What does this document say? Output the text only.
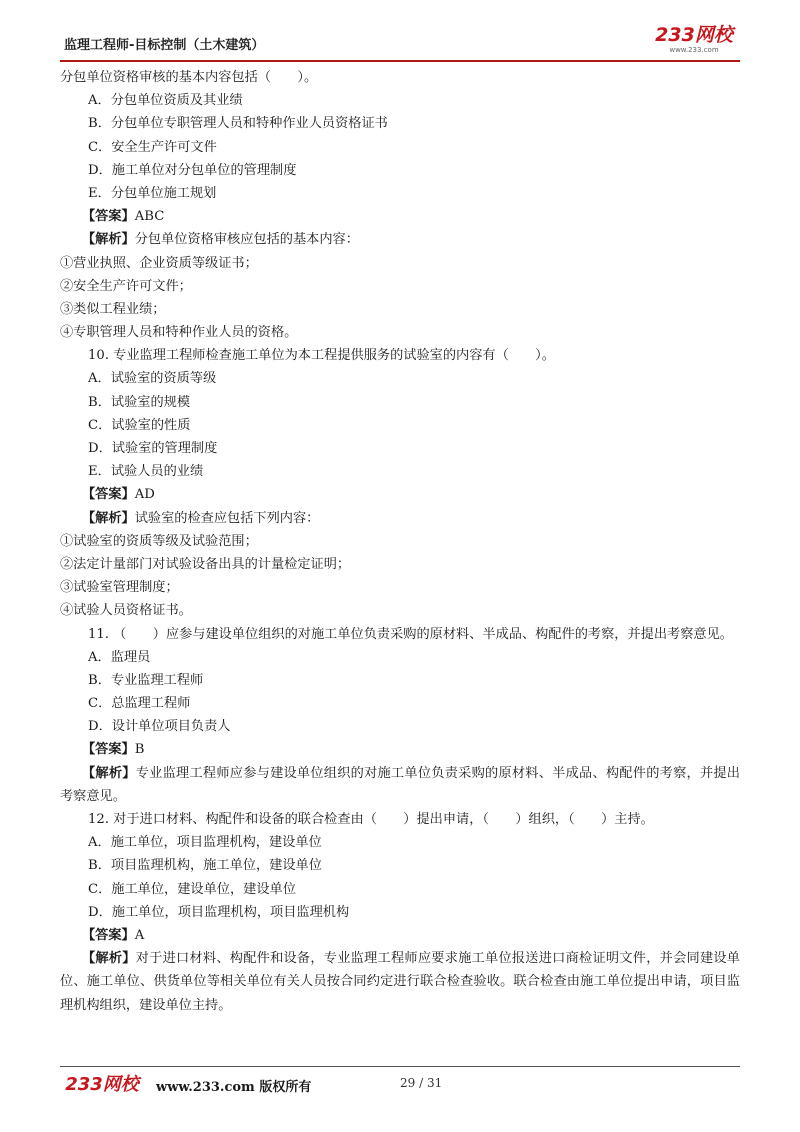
监理工程师-目标控制（土木建筑）	233网校
www.233.com
分包单位资格审核的基本内容包括（　　）。
A．分包单位资质及其业绩
B．分包单位专职管理人员和特种作业人员资格证书
C．安全生产许可文件
D．施工单位对分包单位的管理制度
E．分包单位施工规划
【答案】ABC
【解析】分包单位资格审核应包括的基本内容：
①营业执照、企业资质等级证书；
②安全生产许可文件；
③类似工程业绩；
④专职管理人员和特种作业人员的资格。
10. 专业监理工程师检查施工单位为本工程提供服务的试验室的内容有（　　）。
A．试验室的资质等级
B．试验室的规模
C．试验室的性质
D．试验室的管理制度
E．试验人员的业绩
【答案】AD
【解析】试验室的检查应包括下列内容：
①试验室的资质等级及试验范围；
②法定计量部门对试验设备出具的计量检定证明；
③试验室管理制度；
④试验人员资格证书。
11. （　　）应参与建设单位组织的对施工单位负责采购的原材料、半成品、构配件的考察，并提出考察意见。
A．监理员
B．专业监理工程师
C．总监理工程师
D．设计单位项目负责人
【答案】B
【解析】专业监理工程师应参与建设单位组织的对施工单位负责采购的原材料、半成品、构配件的考察，并提出考察意见。
12. 对于进口材料、构配件和设备的联合检查由（　　）提出申请，（　　）组织，（　　）主持。
A．施工单位，项目监理机构，建设单位
B．项目监理机构，施工单位，建设单位
C．施工单位，建设单位，建设单位
D．施工单位，项目监理机构，项目监理机构
【答案】A
【解析】对于进口材料、构配件和设备，专业监理工程师应要求施工单位报送进口商检证明文件，并会同建设单位、施工单位、供货单位等相关单位有关人员按合同约定进行联合检查验收。联合检查由施工单位提出申请，项目监理机构组织，建设单位主持。
233网校 www.233.com 版权所有	29 / 31
